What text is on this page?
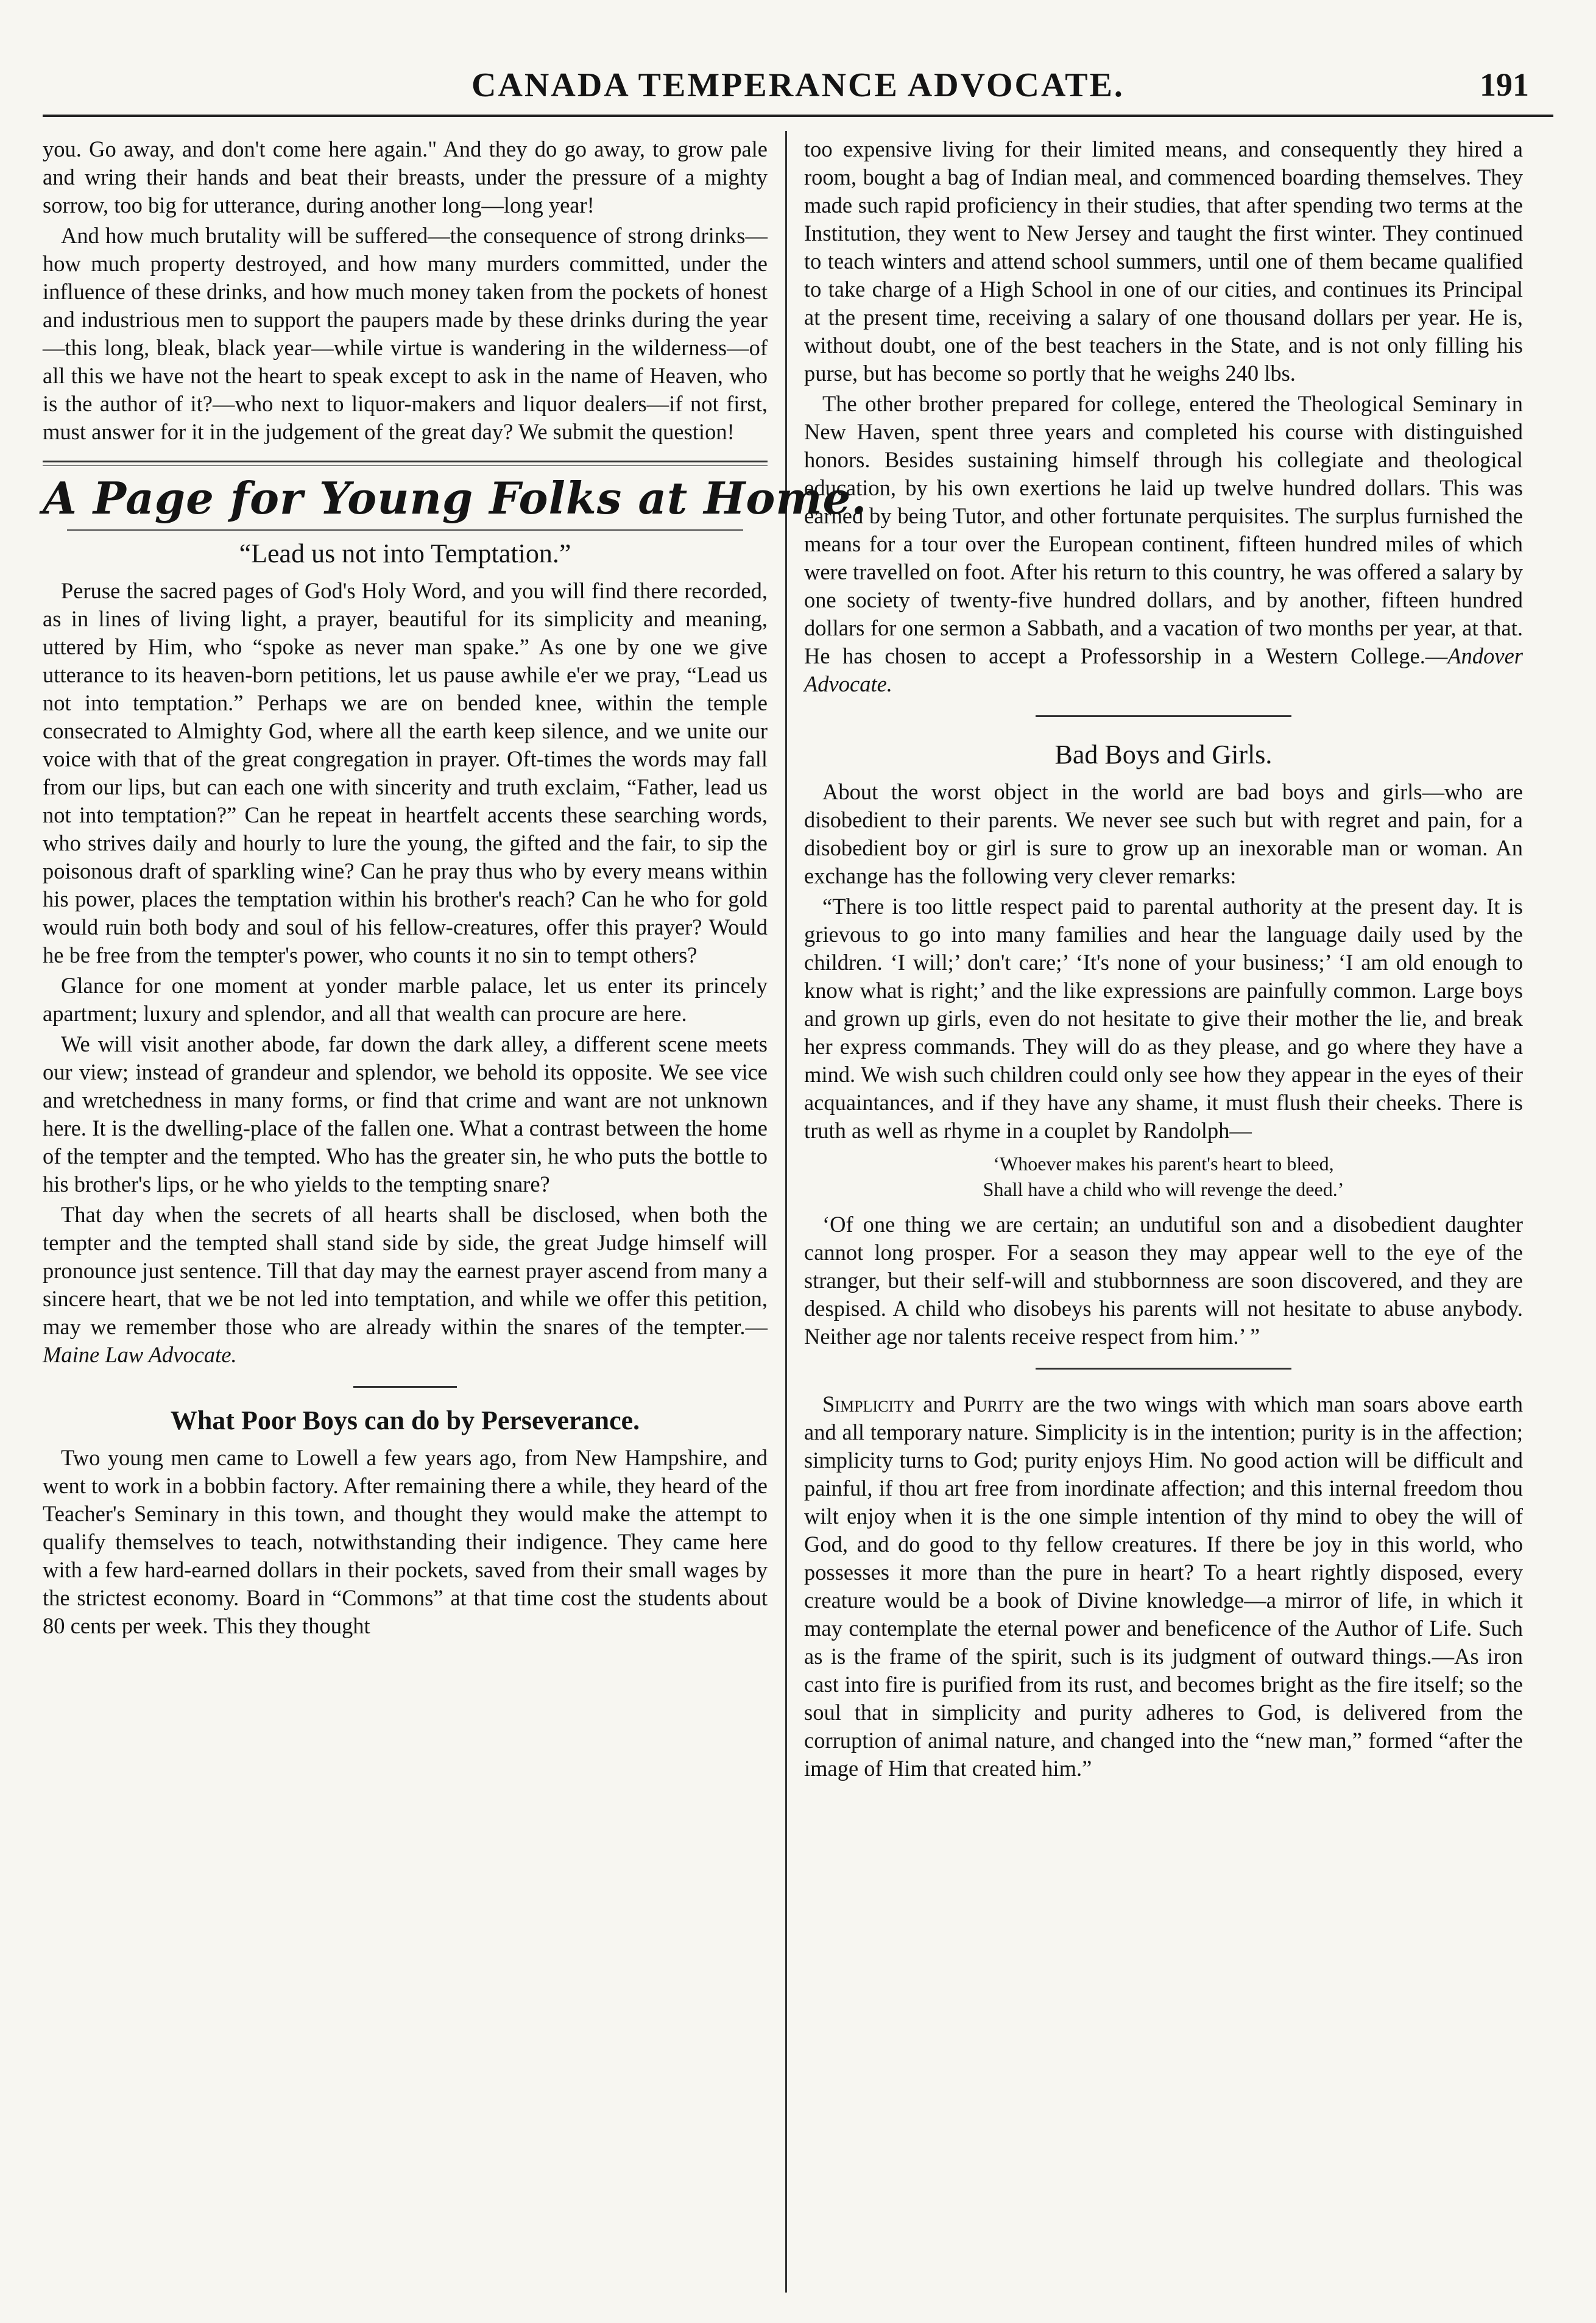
CANADA TEMPERANCE ADVOCATE.	191

you. Go away, and don't come here again." And they do go away, to grow pale and wring their hands and beat their breasts, under the pressure of a mighty sorrow, too big for utterance, during another long—long year!

And how much brutality will be suffered—the consequence of strong drinks—how much property destroyed, and how many murders committed, under the influence of these drinks, and how much money taken from the pockets of honest and industrious men to support the paupers made by these drinks during the year—this long, bleak, black year—while virtue is wandering in the wilderness—of all this we have not the heart to speak except to ask in the name of Heaven, who is the author of it?—who next to liquor-makers and liquor dealers—if not first, must answer for it in the judgement of the great day? We submit the question!

A Page for Young Folks at Home.
“Lead us not into Temptation.”

Peruse the sacred pages of God's Holy Word, and you will find there recorded, as in lines of living light, a prayer, beautiful for its simplicity and meaning, uttered by Him, who “spoke as never man spake.” As one by one we give utterance to its heaven-born petitions, let us pause awhile e'er we pray, “Lead us not into temptation.” Perhaps we are on bended knee, within the temple consecrated to Almighty God, where all the earth keep silence, and we unite our voice with that of the great congregation in prayer. Oft-times the words may fall from our lips, but can each one with sincerity and truth exclaim, “Father, lead us not into temptation?” Can he repeat in heartfelt accents these searching words, who strives daily and hourly to lure the young, the gifted and the fair, to sip the poisonous draft of sparkling wine? Can he pray thus who by every means within his power, places the temptation within his brother's reach? Can he who for gold would ruin both body and soul of his fellow-creatures, offer this prayer? Would he be free from the tempter's power, who counts it no sin to tempt others?

Glance for one moment at yonder marble palace, let us enter its princely apartment; luxury and splendor, and all that wealth can procure are here.

We will visit another abode, far down the dark alley, a different scene meets our view; instead of grandeur and splendor, we behold its opposite. We see vice and wretchedness in many forms, or find that crime and want are not unknown here. It is the dwelling-place of the fallen one. What a contrast between the home of the tempter and the tempted. Who has the greater sin, he who puts the bottle to his brother's lips, or he who yields to the tempting snare?

That day when the secrets of all hearts shall be disclosed, when both the tempter and the tempted shall stand side by side, the great Judge himself will pronounce just sentence. Till that day may the earnest prayer ascend from many a sincere heart, that we be not led into temptation, and while we offer this petition, may we remember those who are already within the snares of the tempter.—Maine Law Advocate.

What Poor Boys can do by Perseverance.

Two young men came to Lowell a few years ago, from New Hampshire, and went to work in a bobbin factory. After remaining there a while, they heard of the Teacher's Seminary in this town, and thought they would make the attempt to qualify themselves to teach, notwithstanding their indigence. They came here with a few hard-earned dollars in their pockets, saved from their small wages by the strictest economy. Board in “Commons” at that time cost the students about 80 cents per week. This they thought

too expensive living for their limited means, and consequently they hired a room, bought a bag of Indian meal, and commenced boarding themselves. They made such rapid proficiency in their studies, that after spending two terms at the Institution, they went to New Jersey and taught the first winter. They continued to teach winters and attend school summers, until one of them became qualified to take charge of a High School in one of our cities, and continues its Principal at the present time, receiving a salary of one thousand dollars per year. He is, without doubt, one of the best teachers in the State, and is not only filling his purse, but has become so portly that he weighs 240 lbs.

The other brother prepared for college, entered the Theological Seminary in New Haven, spent three years and completed his course with distinguished honors. Besides sustaining himself through his collegiate and theological education, by his own exertions he laid up twelve hundred dollars. This was earned by being Tutor, and other fortunate perquisites. The surplus furnished the means for a tour over the European continent, fifteen hundred miles of which were travelled on foot. After his return to this country, he was offered a salary by one society of twenty-five hundred dollars, and by another, fifteen hundred dollars for one sermon a Sabbath, and a vacation of two months per year, at that. He has chosen to accept a Professorship in a Western College.—Andover Advocate.

Bad Boys and Girls.

About the worst object in the world are bad boys and girls—who are disobedient to their parents. We never see such but with regret and pain, for a disobedient boy or girl is sure to grow up an inexorable man or woman. An exchange has the following very clever remarks:

“There is too little respect paid to parental authority at the present day. It is grievous to go into many families and hear the language daily used by the children. ‘I will;’ don't care;’ ‘It's none of your business;’ ‘I am old enough to know what is right;’ and the like expressions are painfully common. Large boys and grown up girls, even do not hesitate to give their mother the lie, and break her express commands. They will do as they please, and go where they have a mind. We wish such children could only see how they appear in the eyes of their acquaintances, and if they have any shame, it must flush their cheeks. There is truth as well as rhyme in a couplet by Randolph—

‘Whoever makes his parent's heart to bleed,
Shall have a child who will revenge the deed.’

‘Of one thing we are certain; an undutiful son and a disobedient daughter cannot long prosper. For a season they may appear well to the eye of the stranger, but their self-will and stubbornness are soon discovered, and they are despised. A child who disobeys his parents will not hesitate to abuse anybody. Neither age nor talents receive respect from him.’ ”

Simplicity and Purity are the two wings with which man soars above earth and all temporary nature. Simplicity is in the intention; purity is in the affection; simplicity turns to God; purity enjoys Him. No good action will be difficult and painful, if thou art free from inordinate affection; and this internal freedom thou wilt enjoy when it is the one simple intention of thy mind to obey the will of God, and do good to thy fellow creatures. If there be joy in this world, who possesses it more than the pure in heart? To a heart rightly disposed, every creature would be a book of Divine knowledge—a mirror of life, in which it may contemplate the eternal power and beneficence of the Author of Life. Such as is the frame of the spirit, such is its judgment of outward things.—As iron cast into fire is purified from its rust, and becomes bright as the fire itself; so the soul that in simplicity and purity adheres to God, is delivered from the corruption of animal nature, and changed into the “new man,” formed “after the image of Him that created him.”
